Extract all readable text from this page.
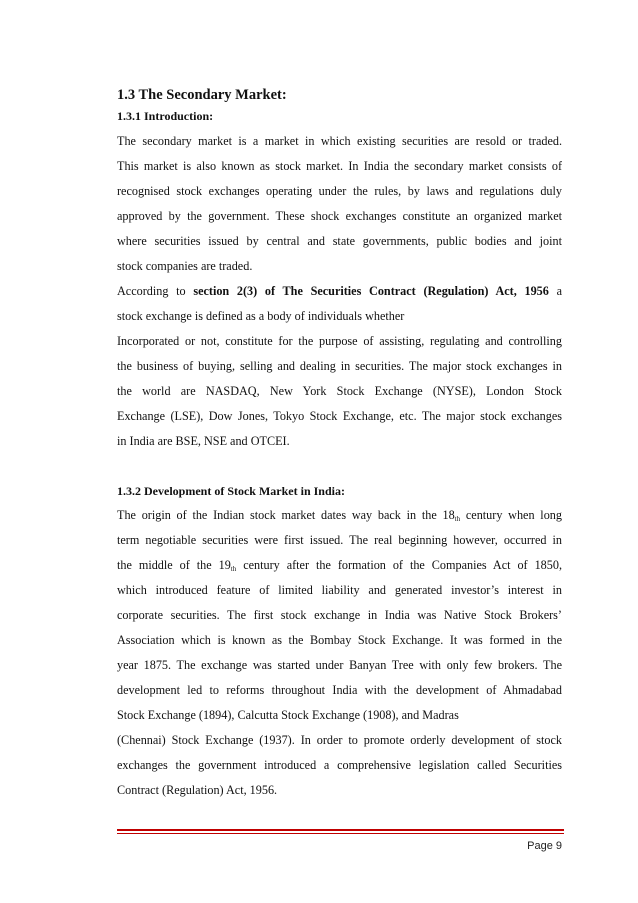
1.3 The Secondary Market:
1.3.1 Introduction:
The secondary market is a market in which existing securities are resold or traded.
This market is also known as stock market. In India the secondary market consists of
recognised stock exchanges operating under the rules, by laws and regulations duly
approved by the government. These shock exchanges constitute an organized market
where securities issued by central and state governments, public bodies and joint
stock companies are traded.
According to section 2(3) of The Securities Contract (Regulation) Act, 1956 a
stock exchange is defined as a body of individuals whether
Incorporated or not, constitute for the purpose of assisting, regulating and controlling
the business of buying, selling and dealing in securities. The major stock exchanges in
the world are NASDAQ, New York Stock Exchange (NYSE), London Stock
Exchange (LSE), Dow Jones, Tokyo Stock Exchange, etc. The major stock exchanges
in India are BSE, NSE and OTCEI.
1.3.2 Development of Stock Market in India:
The origin of the Indian stock market dates way back in the 18th century when long
term negotiable securities were first issued. The real beginning however, occurred in
the middle of the 19th century after the formation of the Companies Act of 1850,
which introduced feature of limited liability and generated investor’s interest in
corporate securities. The first stock exchange in India was Native Stock Brokers’
Association which is known as the Bombay Stock Exchange. It was formed in the
year 1875. The exchange was started under Banyan Tree with only few brokers. The
development led to reforms throughout India with the development of Ahmadabad
Stock Exchange (1894), Calcutta Stock Exchange (1908), and Madras
(Chennai) Stock Exchange (1937). In order to promote orderly development of stock
exchanges the government introduced a comprehensive legislation called Securities
Contract (Regulation) Act, 1956.
Page 9
